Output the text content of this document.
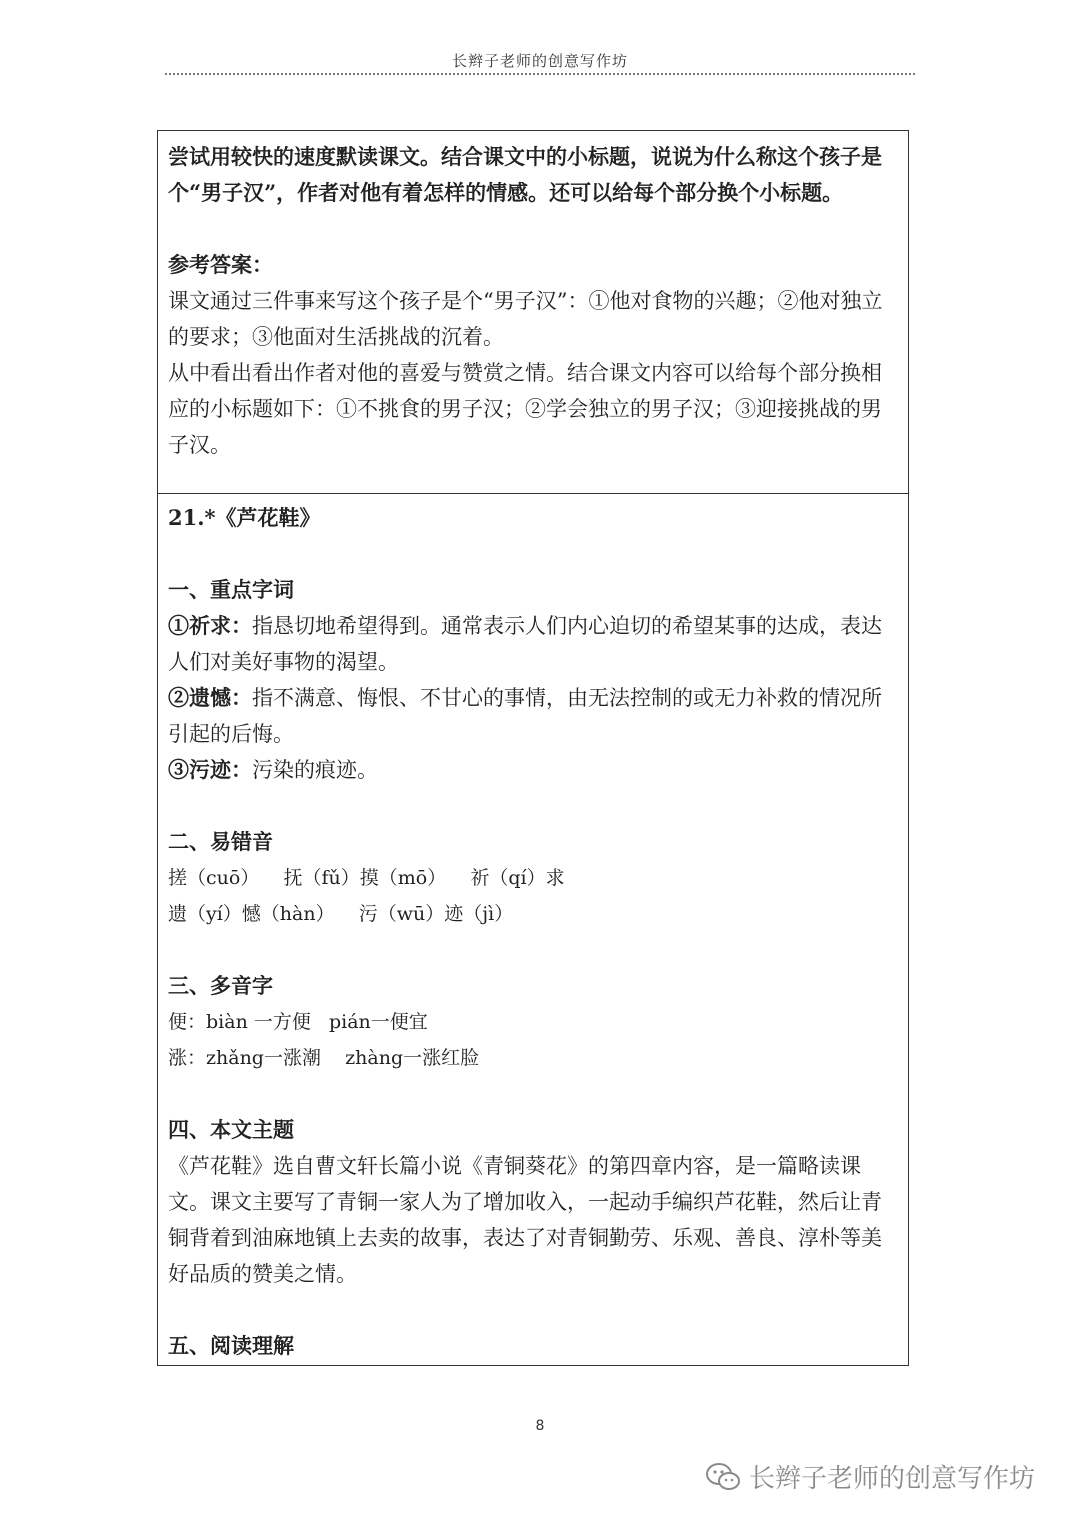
长辫子老师的创意写作坊

尝试用较快的速度默读课文。结合课文中的小标题，说说为什么称这个孩子是个“男子汉”，作者对他有着怎样的情感。还可以给每个部分换个小标题。

参考答案：

课文通过三件事来写这个孩子是个“男子汉”：①他对食物的兴趣；②他对独立的要求；③他面对生活挑战的沉着。

从中看出看出作者对他的喜爱与赞赏之情。结合课文内容可以给每个部分换相应的小标题如下：①不挑食的男子汉；②学会独立的男子汉；③迎接挑战的男子汉。

21.*《芦花鞋》

一、重点字词

①祈求：指恳切地希望得到。通常表示人们内心迫切的希望某事的达成，表达人们对美好事物的渴望。

②遗憾：指不满意、悔恨、不甘心的事情，由无法控制的或无力补救的情况所引起的后悔。

③污迹：污染的痕迹。

二、易错音

搓（cuō）    抚（fǔ）摸（mō）    祈（qí）求

遗（yí）憾（hàn）    污（wū）迹（jì）

三、多音字

便：biàn 一方便   pián一便宜

涨：zhǎng一涨潮    zhàng一涨红脸

四、本文主题

《芦花鞋》选自曹文轩长篇小说《青铜葵花》的第四章内容，是一篇略读课文。课文主要写了青铜一家人为了增加收入，一起动手编织芦花鞋，然后让青铜背着到油麻地镇上去卖的故事，表达了对青铜勤劳、乐观、善良、淳朴等美好品质的赞美之情。

五、阅读理解

8
长辫子老师的创意写作坊
